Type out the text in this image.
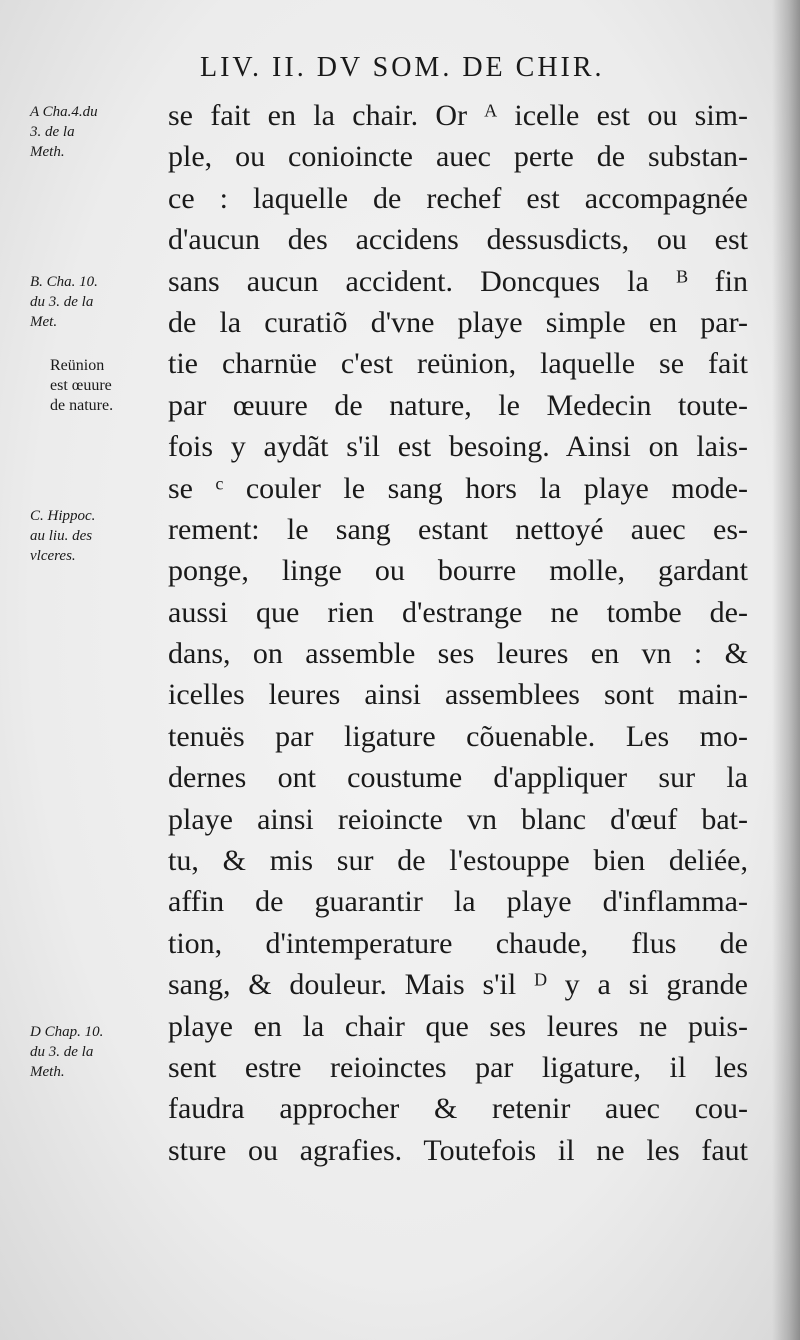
LIV. II. DV SOM. DE CHIR.
A Cha.4.du
3. de la
Meth.
B. Cha. 10.
du 3. de la
Met.
Reünion
est œuure
de nature.
C. Hippoc.
au liu. des
vlceres.
D Chap. 10.
du 3. de la
Meth.
se fait en la chair. Or ᴬ icelle est ou sim-
ple, ou conioincte auec perte de substan-
ce : laquelle de rechef est accompagnée
d'aucun des accidens dessusdicts, ou est
sans aucun accident. Doncques la ᴮ fin
de la curatiõ d'vne playe simple en par-
tie charnüe c'est reünion, laquelle se fait
par œuure de nature, le Medecin toute-
fois y aydãt s'il est besoing. Ainsi on lais-
se ᶜ couler le sang hors la playe mode-
rement: le sang estant nettoyé auec es-
ponge, linge ou bourre molle, gardant
aussi que rien d'estrange ne tombe de-
dans, on assemble ses leures en vn : &
icelles leures ainsi assemblees sont main-
tenuës par ligature cõuenable. Les mo-
dernes ont coustume d'appliquer sur la
playe ainsi reioincte vn blanc d'œuf bat-
tu, & mis sur de l'estouppe bien deliée,
affin de guarantir la playe d'inflamma-
tion, d'intemperature chaude, flus de
sang, & douleur. Mais s'il ᴰ y a si grande
playe en la chair que ses leures ne puis-
sent estre reioinctes par ligature, il les
faudra approcher & retenir auec cou-
sture ou agrafies. Toutefois il ne les faut
